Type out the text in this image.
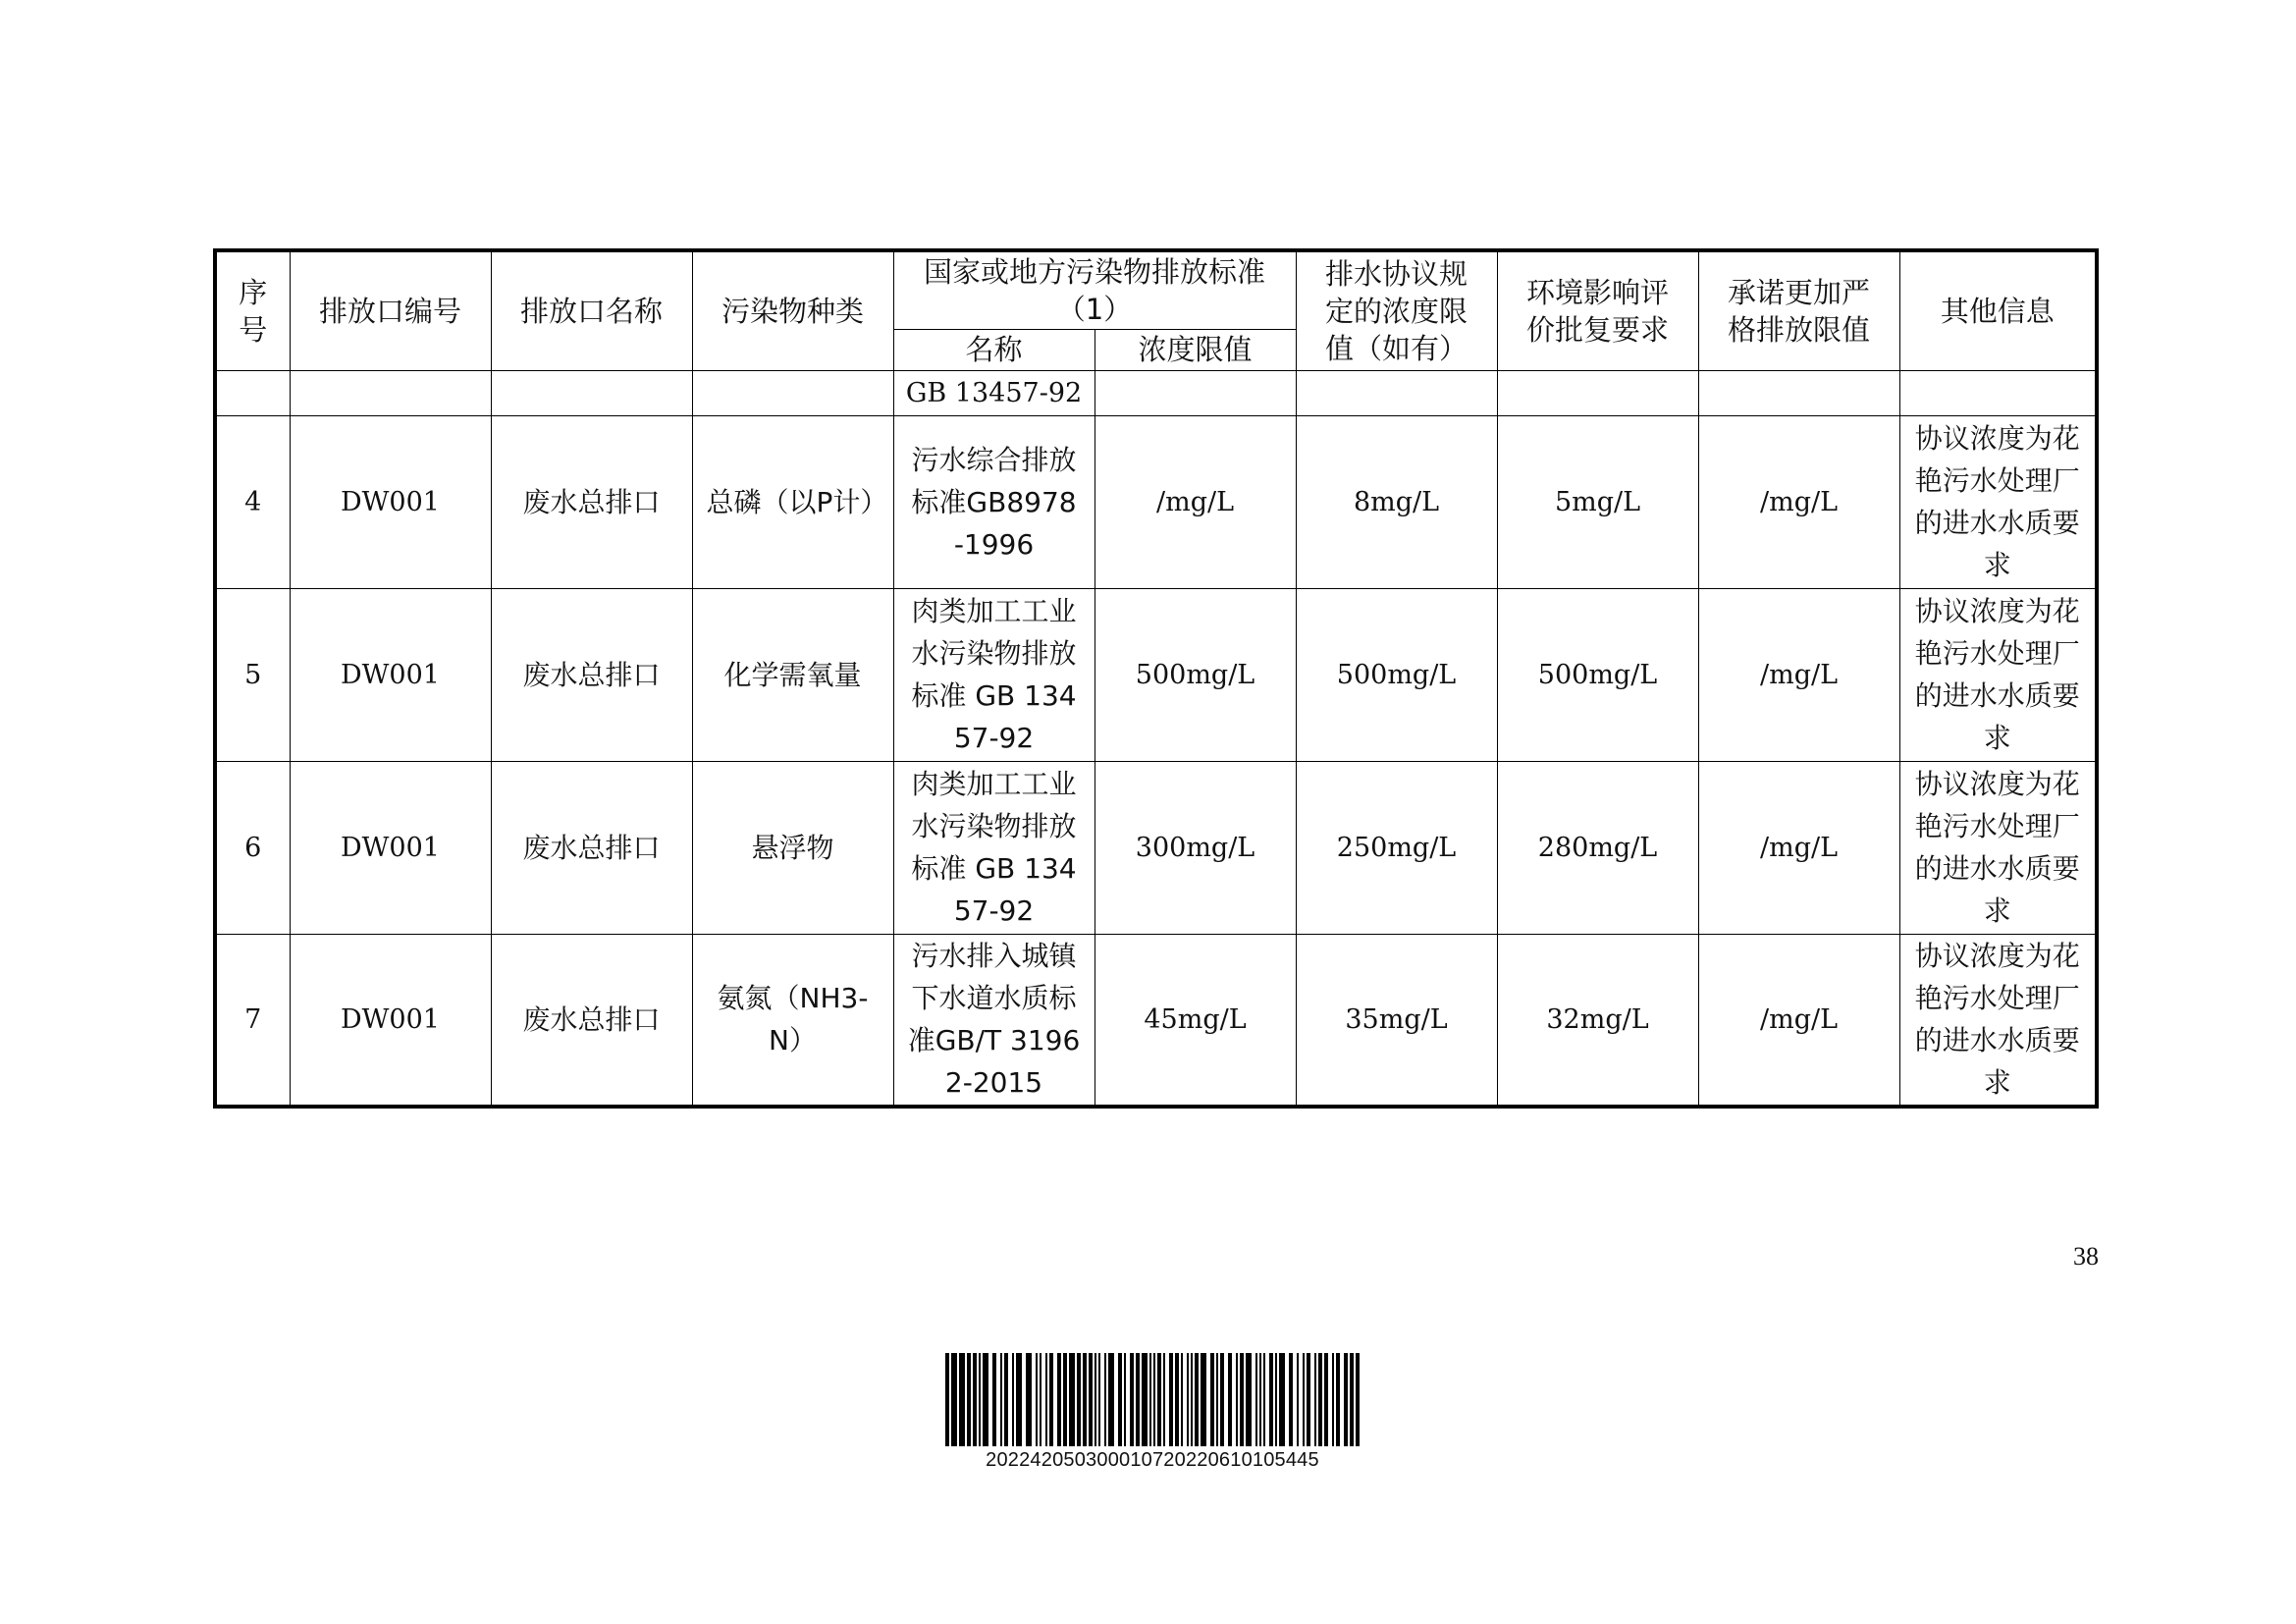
序号	排放口编号	排放口名称	污染物种类	国家或地方污染物排放标准（1）		排水协议规定的浓度限值（如有）	环境影响评价批复要求	承诺更加严格排放限值	其他信息
				名称	浓度限值				
				GB 13457-92					
4	DW001	废水总排口	总磷（以P计）	污水综合排放标准GB8978-1996	/mg/L	8mg/L	5mg/L	/mg/L	协议浓度为花艳污水处理厂的进水水质要求
5	DW001	废水总排口	化学需氧量	肉类加工工业水污染物排放标准 GB 13457-92	500mg/L	500mg/L	500mg/L	/mg/L	协议浓度为花艳污水处理厂的进水水质要求
6	DW001	废水总排口	悬浮物	肉类加工工业水污染物排放标准 GB 13457-92	300mg/L	250mg/L	280mg/L	/mg/L	协议浓度为花艳污水处理厂的进水水质要求
7	DW001	废水总排口	氨氮（NH3-N）	污水排入城镇下水道水质标准GB/T 31962-2015	45mg/L	35mg/L	32mg/L	/mg/L	协议浓度为花艳污水处理厂的进水水质要求
38
20224205030001072022061010544​5
